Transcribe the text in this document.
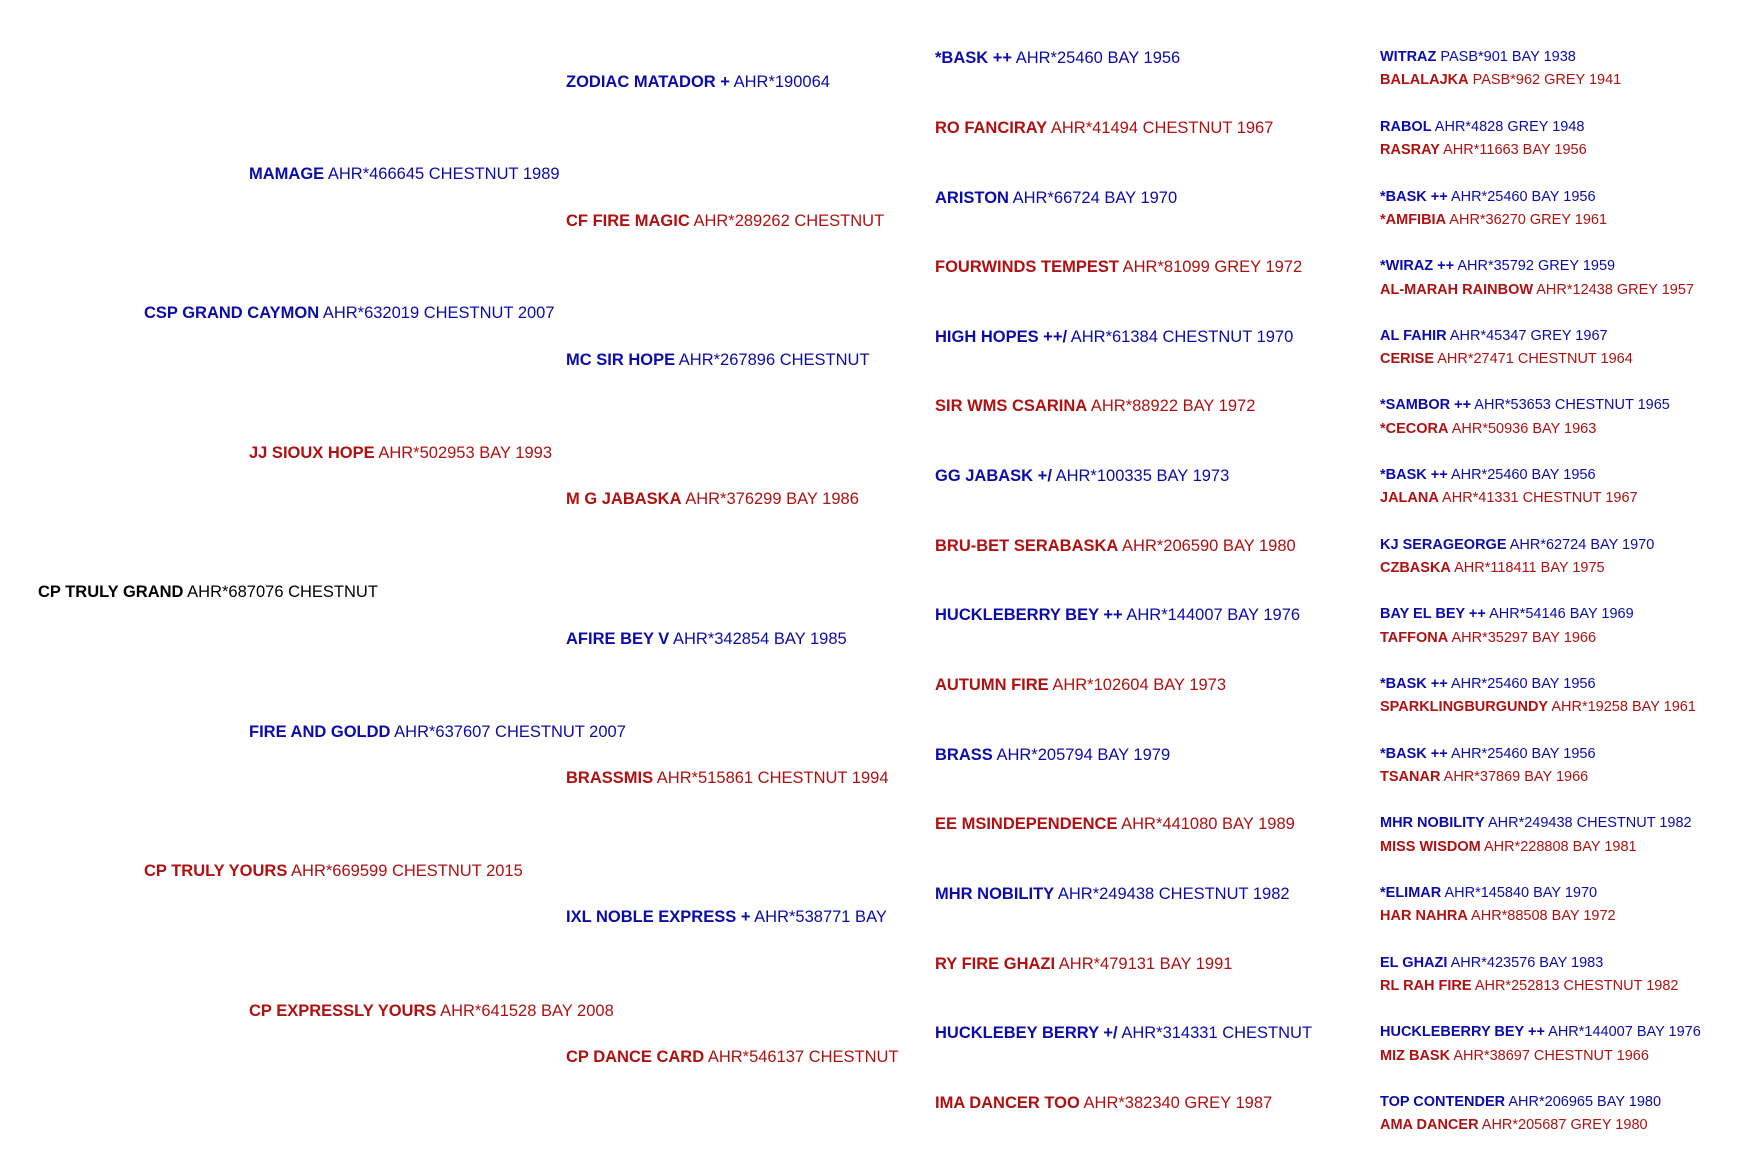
CP TRULY GRAND AHR*687076 CHESTNUT
CSP GRAND CAYMON AHR*632019 CHESTNUT 2007
CP TRULY YOURS AHR*669599 CHESTNUT 2015
MAMAGE AHR*466645 CHESTNUT 1989
JJ SIOUX HOPE AHR*502953 BAY 1993
FIRE AND GOLDD AHR*637607 CHESTNUT 2007
CP EXPRESSLY YOURS AHR*641528 BAY 2008
ZODIAC MATADOR + AHR*190064
CF FIRE MAGIC AHR*289262 CHESTNUT
MC SIR HOPE AHR*267896 CHESTNUT
M G JABASKA AHR*376299 BAY 1986
AFIRE BEY V AHR*342854 BAY 1985
BRASSMIS AHR*515861 CHESTNUT 1994
IXL NOBLE EXPRESS + AHR*538771 BAY
CP DANCE CARD AHR*546137 CHESTNUT
*BASK ++ AHR*25460 BAY 1956
RO FANCIRAY AHR*41494 CHESTNUT 1967
ARISTON AHR*66724 BAY 1970
FOURWINDS TEMPEST AHR*81099 GREY 1972
HIGH HOPES ++/ AHR*61384 CHESTNUT 1970
SIR WMS CSARINA AHR*88922 BAY 1972
GG JABASK +/ AHR*100335 BAY 1973
BRU-BET SERABASKA AHR*206590 BAY 1980
HUCKLEBERRY BEY ++ AHR*144007 BAY 1976
AUTUMN FIRE AHR*102604 BAY 1973
BRASS AHR*205794 BAY 1979
EE MSINDEPENDENCE AHR*441080 BAY 1989
MHR NOBILITY AHR*249438 CHESTNUT 1982
RY FIRE GHAZI AHR*479131 BAY 1991
HUCKLEBEY BERRY +/ AHR*314331 CHESTNUT
IMA DANCER TOO AHR*382340 GREY 1987
WITRAZ PASB*901 BAY 1938
BALALAJKA PASB*962 GREY 1941
RABOL AHR*4828 GREY 1948
RASRAY AHR*11663 BAY 1956
*BASK ++ AHR*25460 BAY 1956
*AMFIBIA AHR*36270 GREY 1961
*WIRAZ ++ AHR*35792 GREY 1959
AL-MARAH RAINBOW AHR*12438 GREY 1957
AL FAHIR AHR*45347 GREY 1967
CERISE AHR*27471 CHESTNUT 1964
*SAMBOR ++ AHR*53653 CHESTNUT 1965
*CECORA AHR*50936 BAY 1963
*BASK ++ AHR*25460 BAY 1956
JALANA AHR*41331 CHESTNUT 1967
KJ SERAGEORGE AHR*62724 BAY 1970
CZBASKA AHR*118411 BAY 1975
BAY EL BEY ++ AHR*54146 BAY 1969
TAFFONA AHR*35297 BAY 1966
*BASK ++ AHR*25460 BAY 1956
SPARKLINGBURGUNDY AHR*19258 BAY 1961
*BASK ++ AHR*25460 BAY 1956
TSANAR AHR*37869 BAY 1966
MHR NOBILITY AHR*249438 CHESTNUT 1982
MISS WISDOM AHR*228808 BAY 1981
*ELIMAR AHR*145840 BAY 1970
HAR NAHRA AHR*88508 BAY 1972
EL GHAZI AHR*423576 BAY 1983
RL RAH FIRE AHR*252813 CHESTNUT 1982
HUCKLEBERRY BEY ++ AHR*144007 BAY 1976
MIZ BASK AHR*38697 CHESTNUT 1966
TOP CONTENDER AHR*206965 BAY 1980
AMA DANCER AHR*205687 GREY 1980
